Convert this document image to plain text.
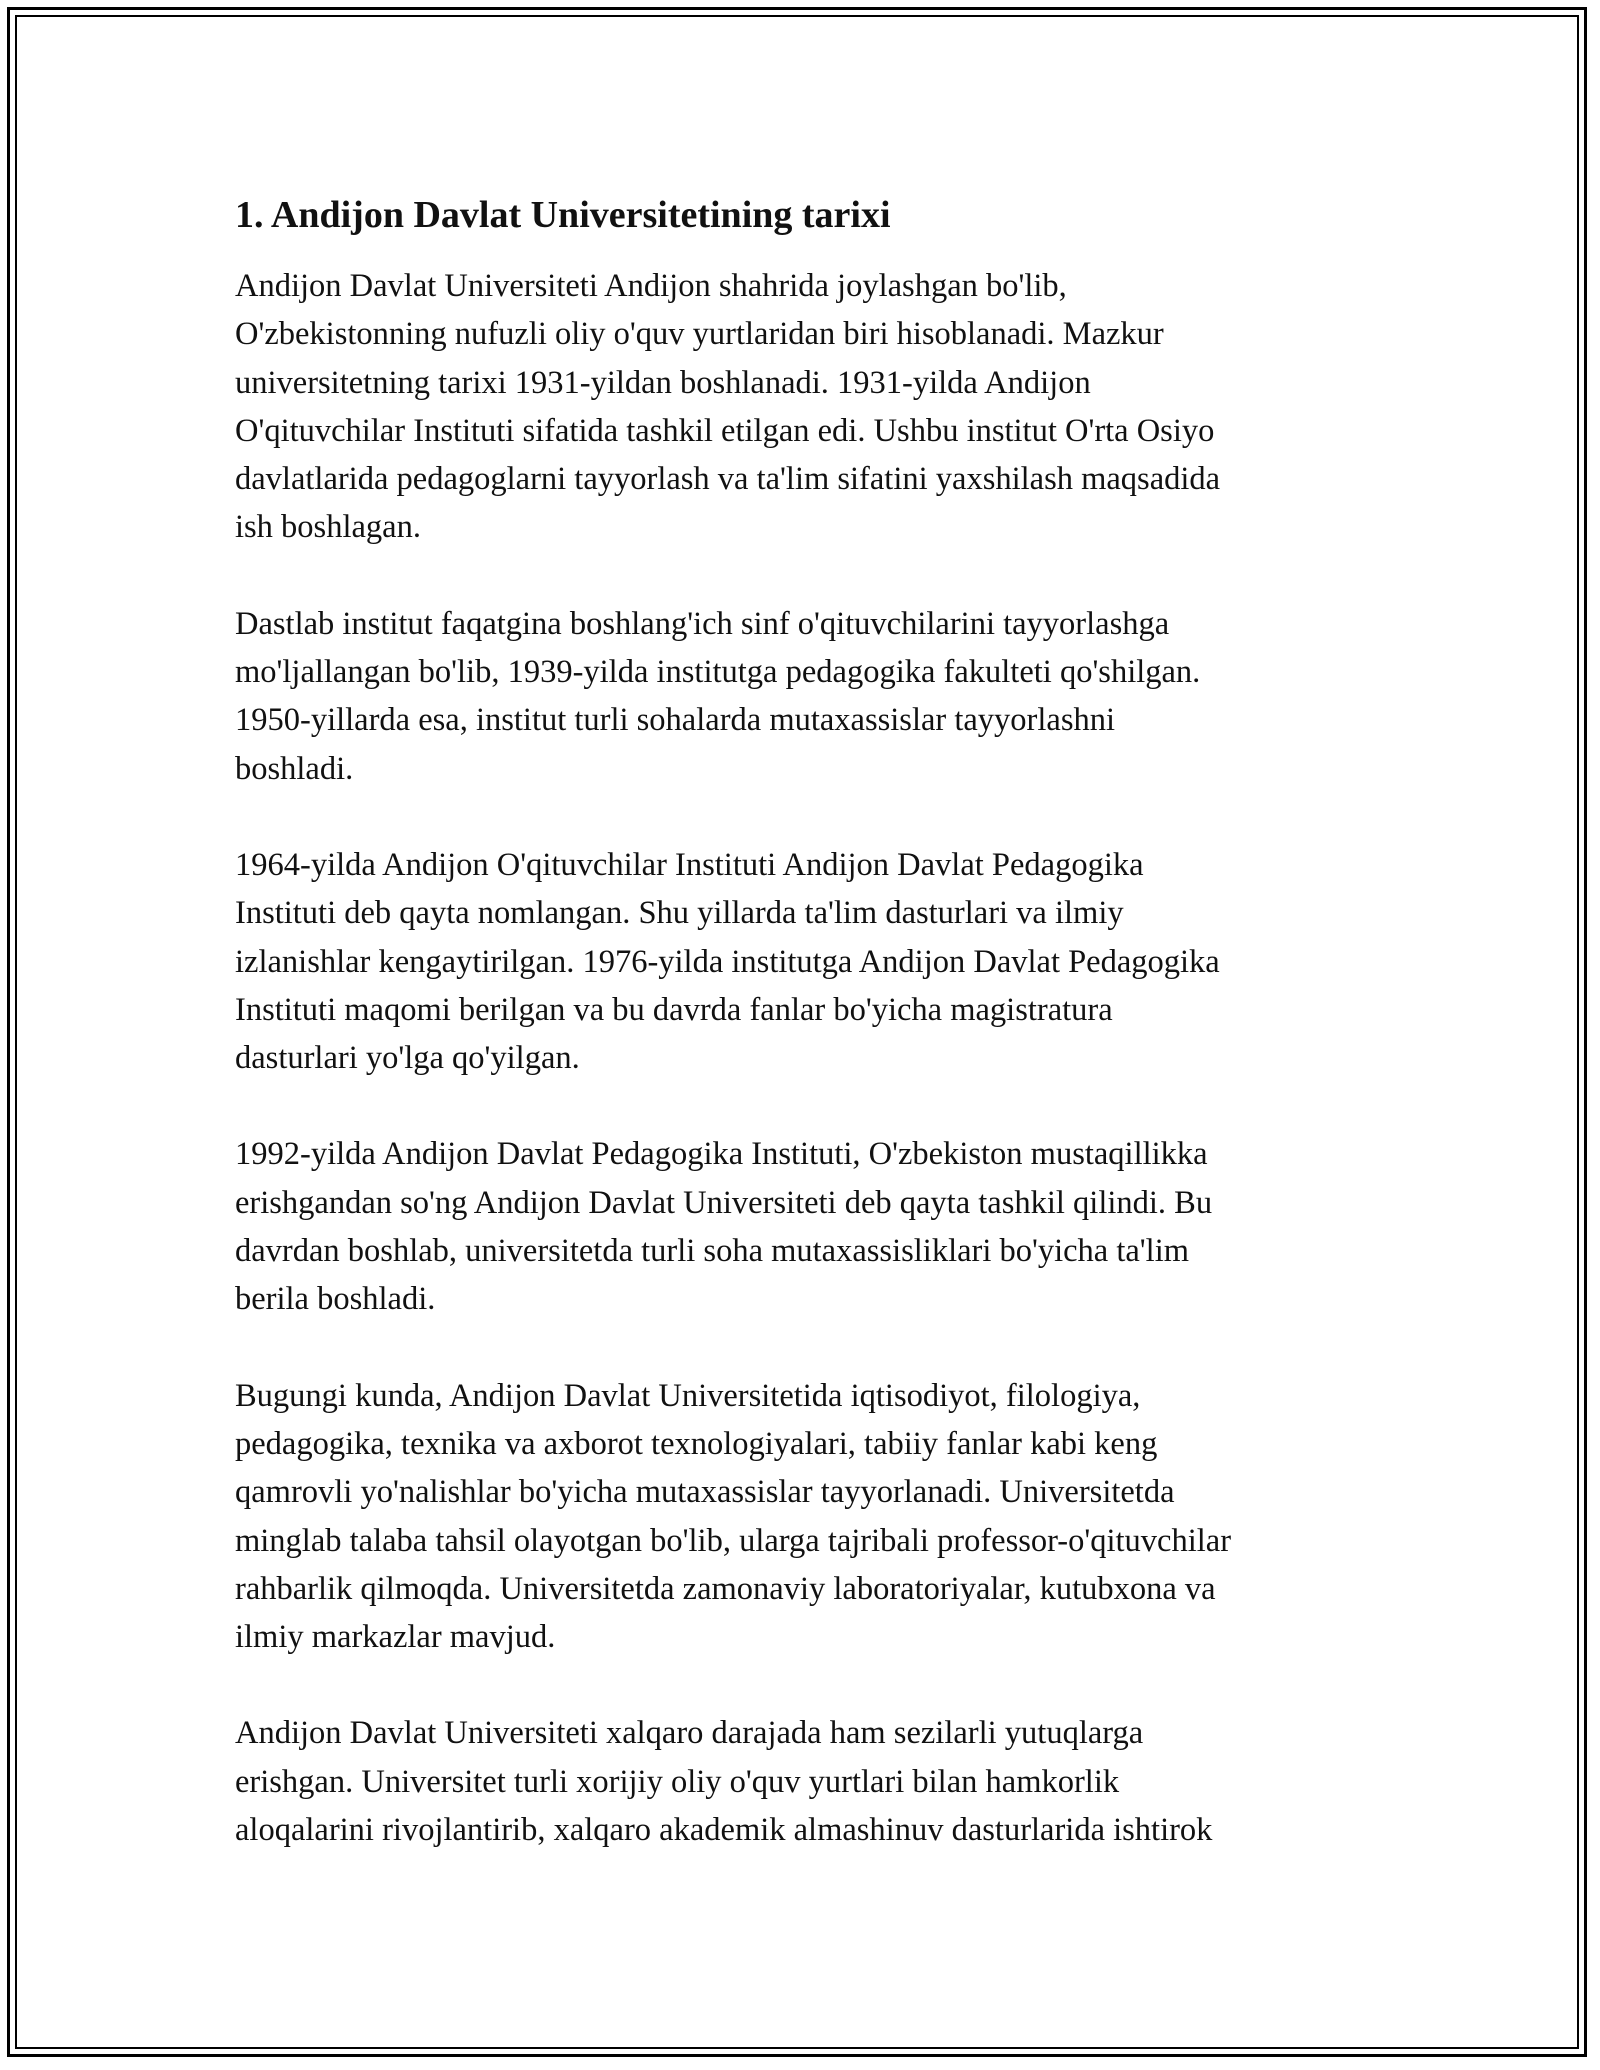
1. Andijon Davlat Universitetining tarixi

Andijon Davlat Universiteti Andijon shahrida joylashgan bo'lib,
O'zbekistonning nufuzli oliy o'quv yurtlaridan biri hisoblanadi. Mazkur
universitetning tarixi 1931-yildan boshlanadi. 1931-yilda Andijon
O'qituvchilar Instituti sifatida tashkil etilgan edi. Ushbu institut O'rta Osiyo
davlatlarida pedagoglarni tayyorlash va ta'lim sifatini yaxshilash maqsadida
ish boshlagan.

Dastlab institut faqatgina boshlang'ich sinf o'qituvchilarini tayyorlashga
mo'ljallangan bo'lib, 1939-yilda institutga pedagogika fakulteti qo'shilgan.
1950-yillarda esa, institut turli sohalarda mutaxassislar tayyorlashni
boshladi.

1964-yilda Andijon O'qituvchilar Instituti Andijon Davlat Pedagogika
Instituti deb qayta nomlangan. Shu yillarda ta'lim dasturlari va ilmiy
izlanishlar kengaytirilgan. 1976-yilda institutga Andijon Davlat Pedagogika
Instituti maqomi berilgan va bu davrda fanlar bo'yicha magistratura
dasturlari yo'lga qo'yilgan.

1992-yilda Andijon Davlat Pedagogika Instituti, O'zbekiston mustaqillikka
erishgandan so'ng Andijon Davlat Universiteti deb qayta tashkil qilindi. Bu
davrdan boshlab, universitetda turli soha mutaxassisliklari bo'yicha ta'lim
berila boshladi.

Bugungi kunda, Andijon Davlat Universitetida iqtisodiyot, filologiya,
pedagogika, texnika va axborot texnologiyalari, tabiiy fanlar kabi keng
qamrovli yo'nalishlar bo'yicha mutaxassislar tayyorlanadi. Universitetda
minglab talaba tahsil olayotgan bo'lib, ularga tajribali professor-o'qituvchilar
rahbarlik qilmoqda. Universitetda zamonaviy laboratoriyalar, kutubxona va
ilmiy markazlar mavjud.

Andijon Davlat Universiteti xalqaro darajada ham sezilarli yutuqlarga
erishgan. Universitet turli xorijiy oliy o'quv yurtlari bilan hamkorlik
aloqalarini rivojlantirib, xalqaro akademik almashinuv dasturlarida ishtirok
